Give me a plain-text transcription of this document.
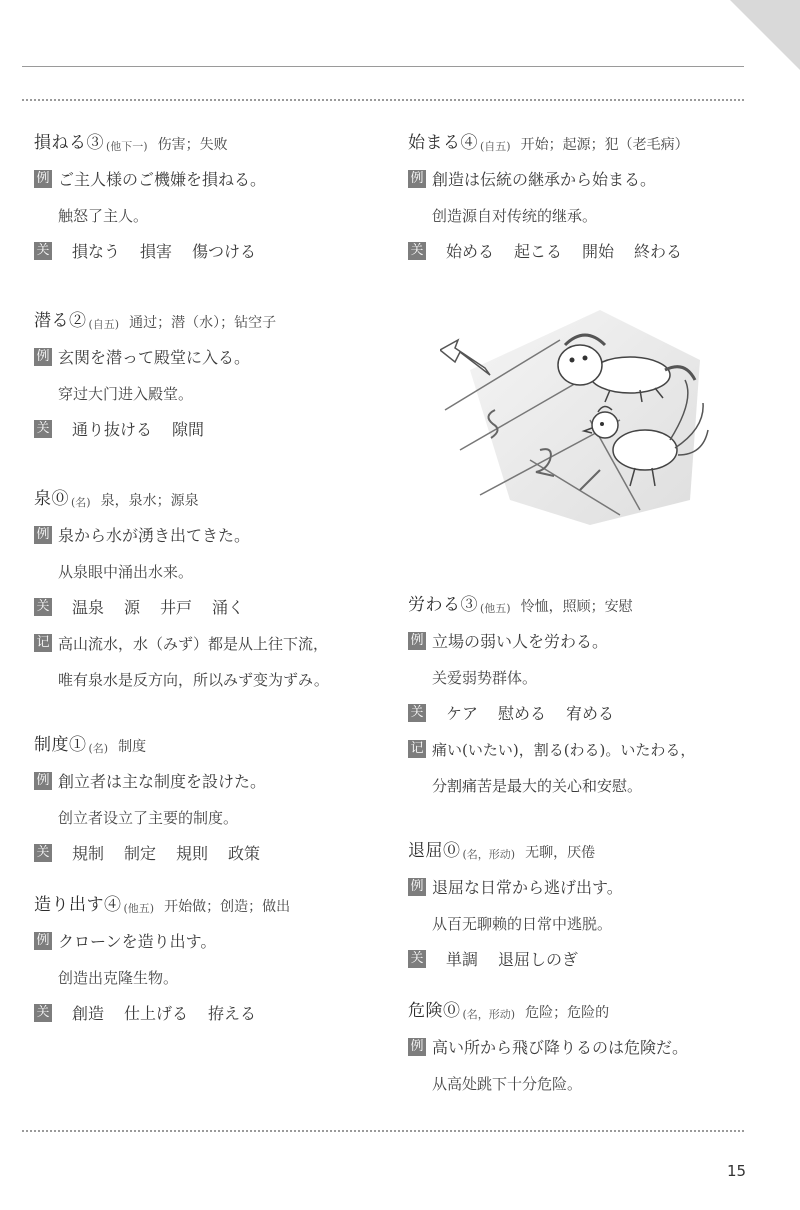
損ねる③ (他下一) 伤害；失败
例 ご主人様のご機嫌を損ねる。
触怒了主人。
关 損なう 損害 傷つける
潜る② (自五) 通过；潜（水）；钻空子
例 玄関を潜って殿堂に入る。
穿过大门进入殿堂。
关 通り抜ける 隙間
泉⓪ (名) 泉，泉水；源泉
例 泉から水が湧き出てきた。
从泉眼中涌出水来。
关 温泉 源 井戸 涌く
记 高山流水，水（みず）都是从上往下流，
唯有泉水是反方向，所以みず变为ずみ。
制度① (名) 制度
例 創立者は主な制度を設けた。
创立者设立了主要的制度。
关 規制 制定 規則 政策
造り出す④ (他五) 开始做；创造；做出
例 クローンを造り出す。
创造出克隆生物。
关 創造 仕上げる 拵える
始まる④ (自五) 开始；起源；犯（老毛病）
例 創造は伝統の継承から始まる。
创造源自对传统的继承。
关 始める 起こる 開始 終わる
労わる③ (他五) 怜恤，照顾；安慰
例 立場の弱い人を労わる。
关爱弱势群体。
关 ケア 慰める 宥める
记 痛い(いたい)，割る(わる)。いたわる，
分割痛苦是最大的关心和安慰。
退屈⓪ (名，形动) 无聊，厌倦
例 退屈な日常から逃げ出す。
从百无聊赖的日常中逃脱。
关 単調 退屈しのぎ
危険⓪ (名，形动) 危险；危险的
例 高い所から飛び降りるのは危険だ。
从高处跳下十分危险。
15
